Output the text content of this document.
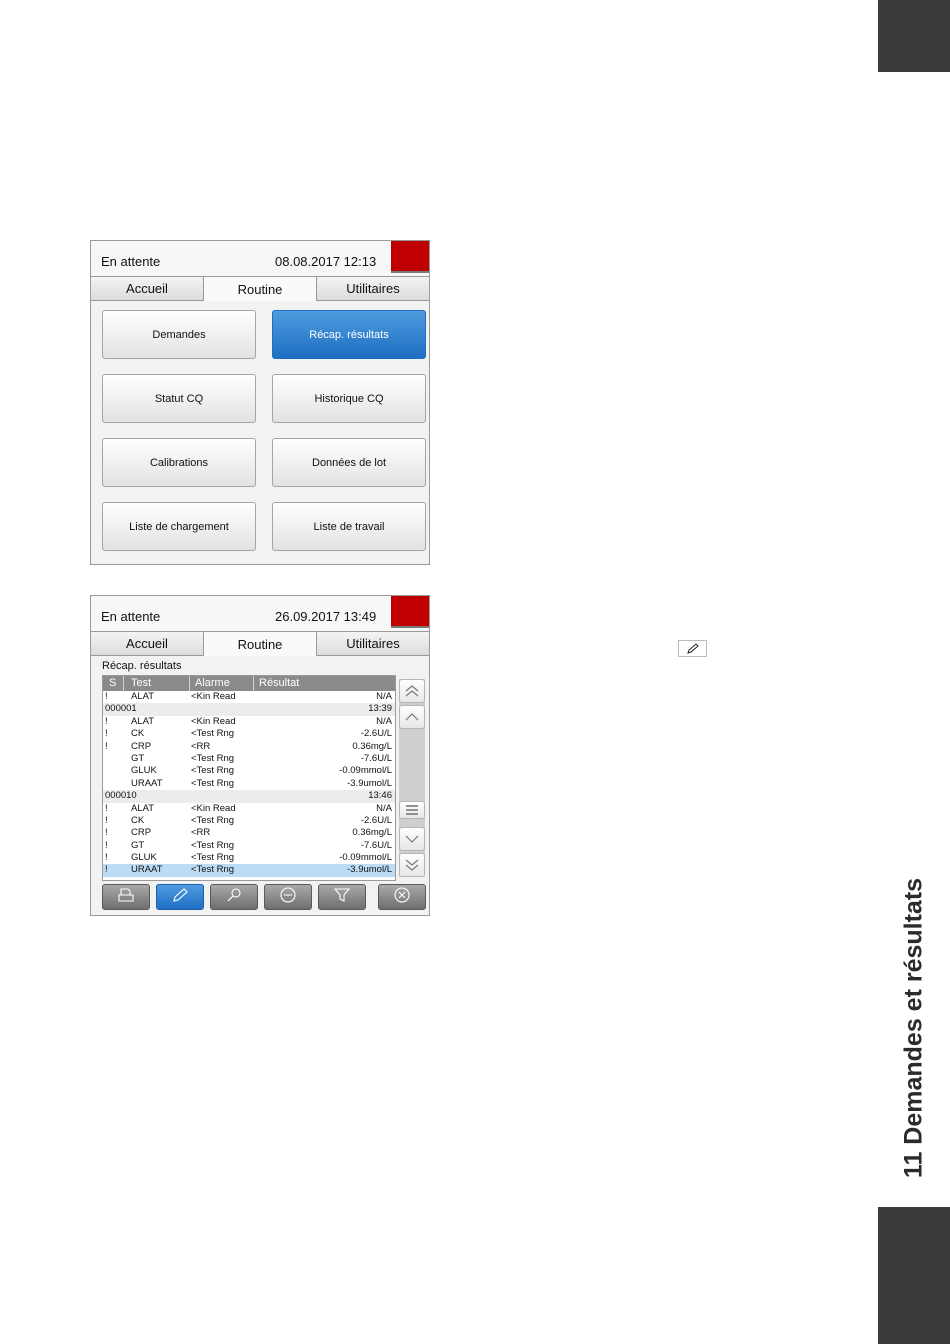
11 Demandes et résultats
En attente	08.08.2017 12:13
Accueil	Routine	Utilitaires
Demandes	Récap. résultats
Statut CQ	Historique CQ
Calibrations	Données de lot
Liste de chargement	Liste de travail
En attente	26.09.2017 13:49
Accueil	Routine	Utilitaires
Récap. résultats
S Test	Alarme	Résultat
! ALAT	<Kin Read	N/A
000001	13:39
! ALAT	<Kin Read	N/A
! CK	<Test Rng	-2.6U/L
! CRP	<RR	0.36mg/L
GT	<Test Rng	-7.6U/L
GLUK	<Test Rng	-0.09mmol/L
URAAT	<Test Rng	-3.9umol/L
000010	13:46
! ALAT	<Kin Read	N/A
! CK	<Test Rng	-2.6U/L
! CRP	<RR	0.36mg/L
! GT	<Test Rng	-7.6U/L
! GLUK	<Test Rng	-0.09mmol/L
! URAAT	<Test Rng	-3.9umol/L
